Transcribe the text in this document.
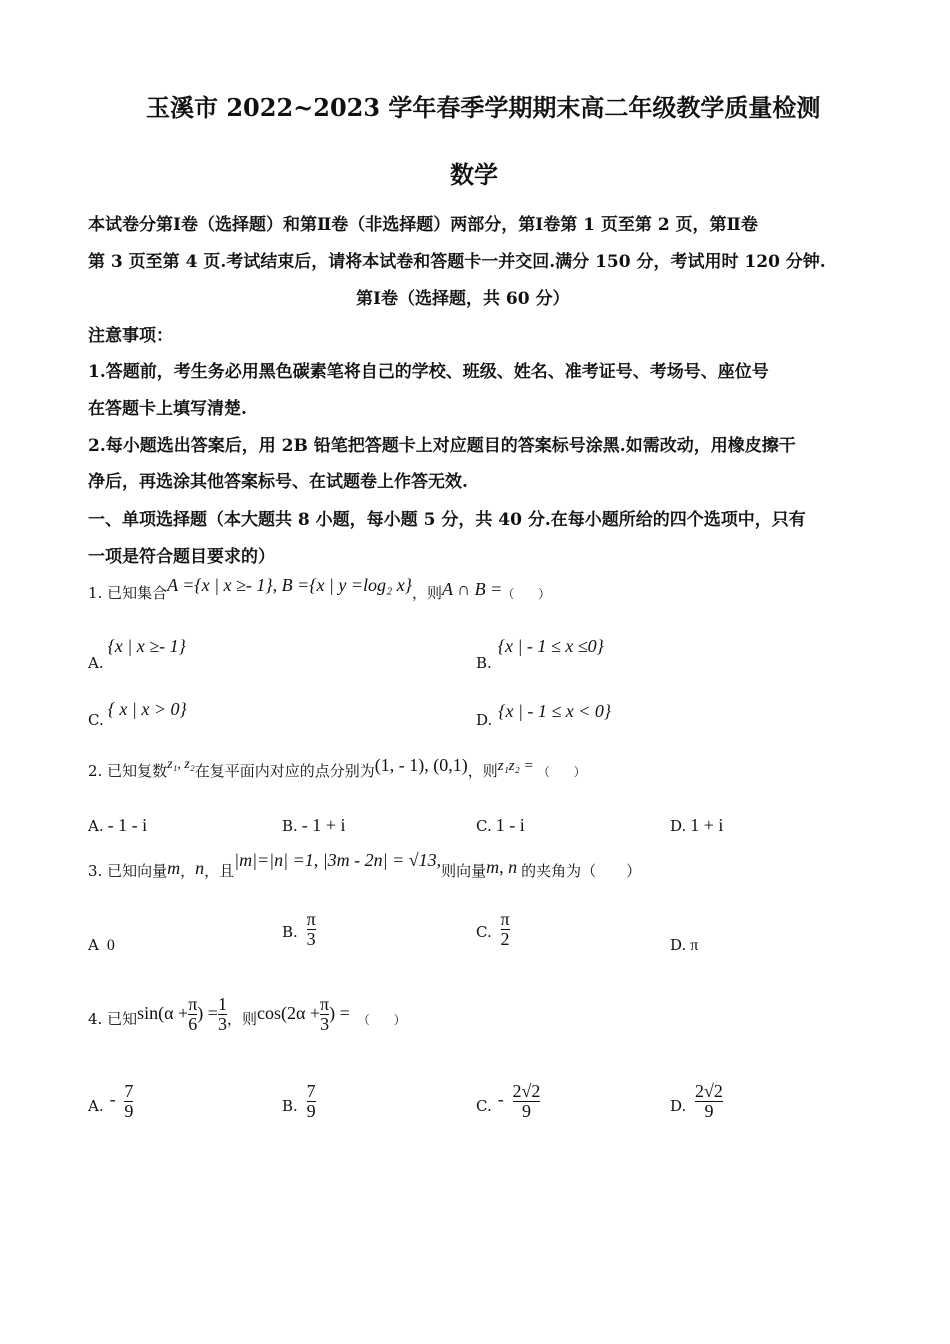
玉溪市 2022~2023 学年春季学期期末高二年级教学质量检测
数学
本试卷分第Ⅰ卷（选择题）和第Ⅱ卷（非选择题）两部分，第Ⅰ卷第 1 页至第 2 页，第Ⅱ卷
第 3 页至第 4 页.考试结束后，请将本试卷和答题卡一并交回.满分 150 分，考试用时 120 分钟.
第Ⅰ卷（选择题，共 60 分）
注意事项：
1.答题前，考生务必用黑色碳素笔将自己的学校、班级、姓名、准考证号、考场号、座位号
在答题卡上填写清楚.
2.每小题选出答案后，用 2B 铅笔把答题卡上对应题目的答案标号涂黑.如需改动，用橡皮擦干
净后，再选涂其他答案标号、在试题卷上作答无效.
一、单项选择题（本大题共 8 小题，每小题 5 分，共 40 分.在每小题所给的四个选项中，只有
一项是符合题目要求的）
1. 已知集合A ={x | x ≥- 1}, B ={x | y =log₂ x}，则A ∩ B =（　　）
A.{x | x ≥- 1}
B.{x | - 1 ≤ x ≤0}
C.{ x | x > 0}
D. {x | - 1 ≤ x < 0}
2. 已知复数z₁, z₂在复平面内对应的点分别为(1, - 1), (0,1)，则z₁z₂ = （　　）
A. - 1 - i	B. - 1 + i	C. 1 - i	D. 1 + i
3. 已知向量m，n，且|m|=|n| =1, |3m - 2n| = √13,则向量m, n 的夹角为（　　）
A 0
B. $\frac{\pi}{3}$	C. $\frac{\pi}{2}$	D. π
4. 已知$\sin(\alpha + \frac{\pi}{6}$ ) = $\frac{1}{3}$ ，则$\cos(2\alpha + \frac{\pi}{3}$ ) = $_{( )}$
A. - $\frac{7}{9}$	B. $\frac{7}{9}$	C. - $\frac{2√2}{9}$	D. $\frac{2√2}{9}$
